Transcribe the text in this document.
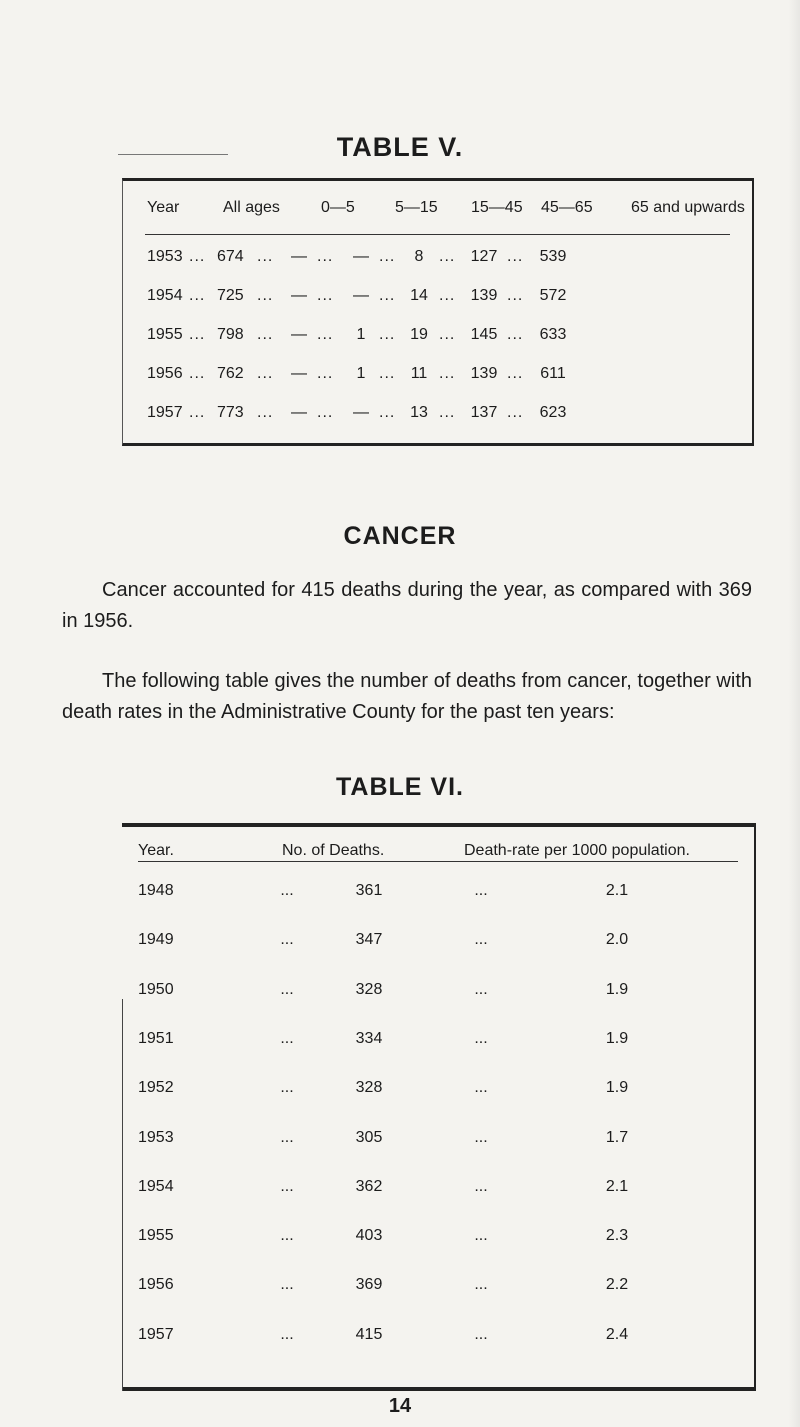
TABLE V.
Year	All ages	0—5	5—15 15—45 45—65 65 and upwards
1953 ... 674 ... — ... — ...	8 ... 127 ... 539
1954 ... 725 ... — ... — ... 14 ... 139 ... 572
1955 ... 798 ... — ...	1 ... 19 ... 145 ... 633
1956 ... 762 ... — ...	1 ... 11 ... 139 ... 611
1957 ... 773 ... — ... — ... 13 ... 137 ... 623
CANCER

Cancer accounted for 415 deaths during the year, as compared with 369 in 1956.

The following table gives the number of deaths from cancer, together with death rates in the Administrative County for the past ten years:

TABLE VI.
Year.	No. of Deaths.	Death-rate per 1000 population.
1948	...	361	...	2.1
1949	...	347	...	2.0
1950	...	328	...	1.9
1951	...	334	...	1.9
1952	...	328	...	1.9
1953	...	305	...	1.7
1954	...	362	...	2.1
1955	...	403	...	2.3
1956	...	369	...	2.2
1957	...	415	...	2.4
14
